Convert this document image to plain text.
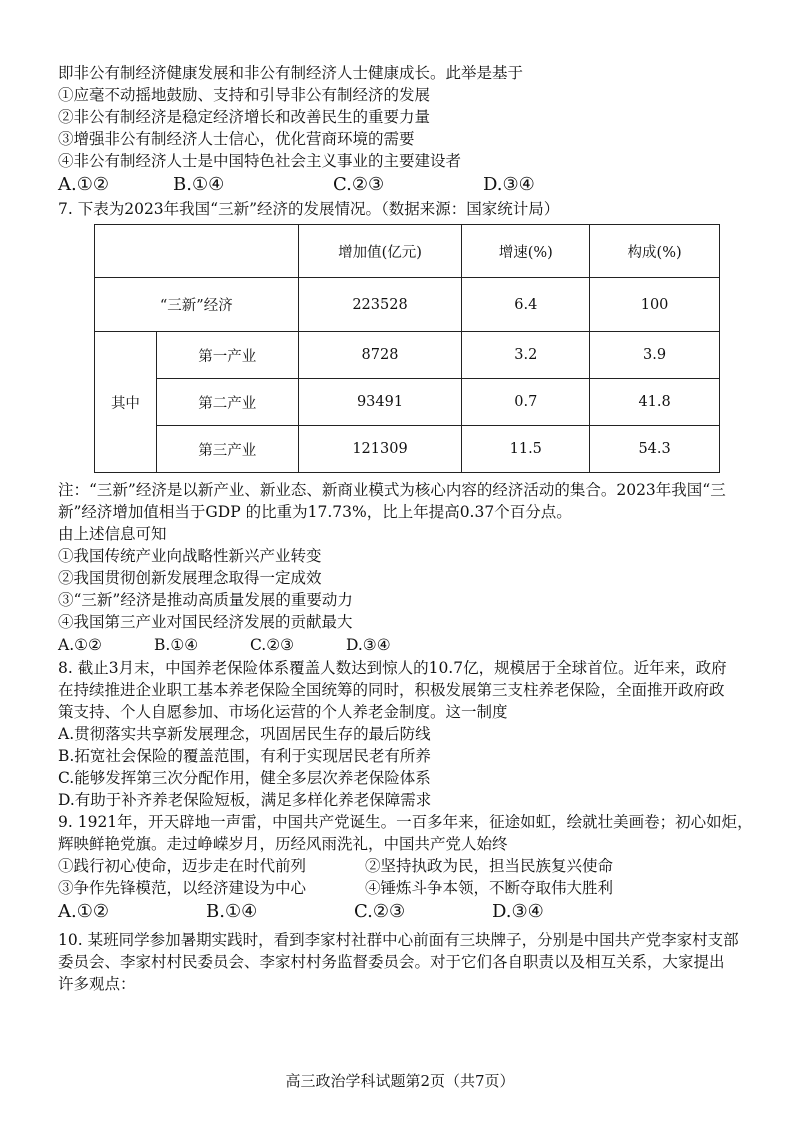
即非公有制经济健康发展和非公有制经济人士健康成长。此举是基于
①应毫不动摇地鼓励、支持和引导非公有制经济的发展
②非公有制经济是稳定经济增长和改善民生的重要力量
③增强非公有制经济人士信心，优化营商环境的需要
④非公有制经济人士是中国特色社会主义事业的主要建设者
A.①②	B.①④	C.②③	D.③④
7. 下表为2023年我国“三新”经济的发展情况。（数据来源：国家统计局）
		增加值(亿元)	增速(%)	构成(%)
“三新”经济		223528	6.4	100
其中	第一产业	8728	3.2	3.9
	第二产业	93491	0.7	41.8
	第三产业	121309	11.5	54.3
注：“三新”经济是以新产业、新业态、新商业模式为核心内容的经济活动的集合。2023年我国“三
新”经济增加值相当于GDP 的比重为17.73%，比上年提高0.37个百分点。
由上述信息可知
①我国传统产业向战略性新兴产业转变
②我国贯彻创新发展理念取得一定成效
③“三新”经济是推动高质量发展的重要动力
④我国第三产业对国民经济发展的贡献最大
A.①②	B.①④	C.②③	D.③④
8. 截止3月末，中国养老保险体系覆盖人数达到惊人的10.7亿，规模居于全球首位。近年来，政府
在持续推进企业职工基本养老保险全国统筹的同时，积极发展第三支柱养老保险，全面推开政府政
策支持、个人自愿参加、市场化运营的个人养老金制度。这一制度
A.贯彻落实共享新发展理念，巩固居民生存的最后防线
B.拓宽社会保险的覆盖范围，有利于实现居民老有所养
C.能够发挥第三次分配作用，健全多层次养老保险体系
D.有助于补齐养老保险短板，满足多样化养老保障需求
9. 1921年，开天辟地一声雷，中国共产党诞生。一百多年来，征途如虹，绘就壮美画卷；初心如炬，
辉映鲜艳党旗。走过峥嵘岁月，历经风雨洗礼，中国共产党人始终
①践行初心使命，迈步走在时代前列	②坚持执政为民，担当民族复兴使命
③争作先锋模范，以经济建设为中心	④锤炼斗争本领，不断夺取伟大胜利
A.①②	B.①④	C.②③	D.③④
10. 某班同学参加暑期实践时，看到李家村社群中心前面有三块牌子，分别是中国共产党李家村支部
委员会、李家村村民委员会、李家村村务监督委员会。对于它们各自职责以及相互关系，大家提出
许多观点：
高三政治学科试题第2页（共7页）
